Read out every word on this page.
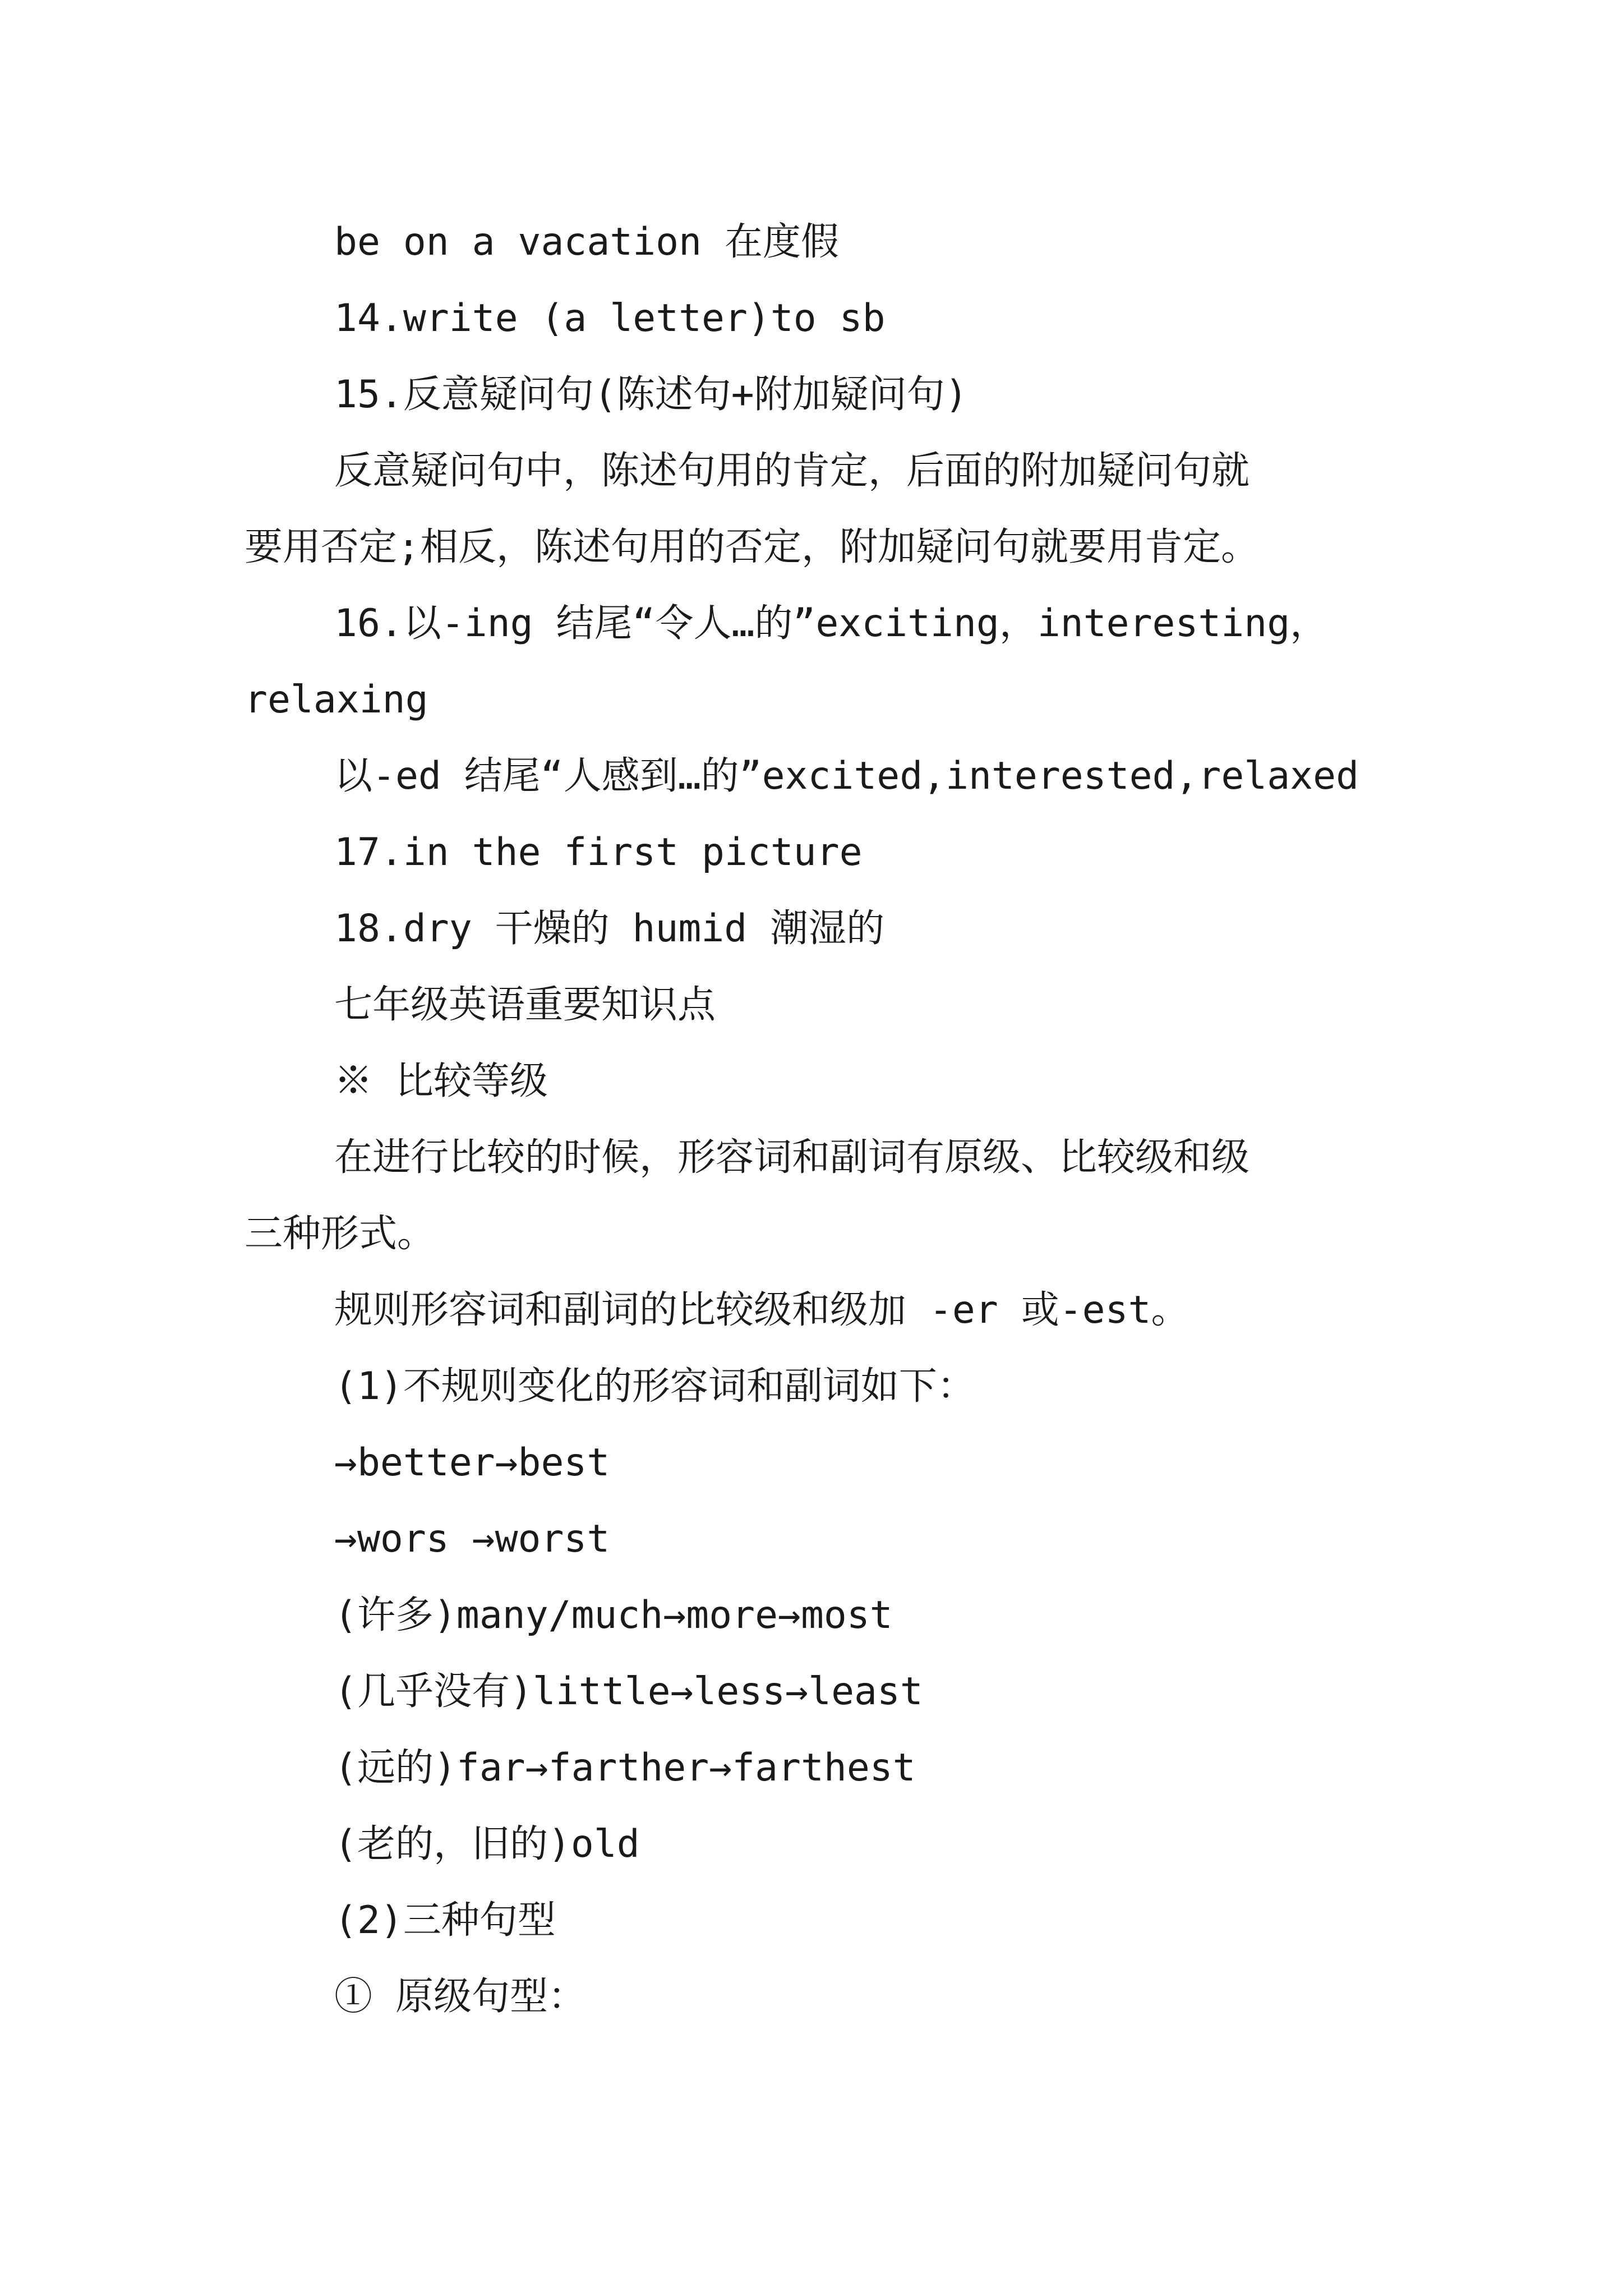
be on a vacation 在度假
14.write (a letter)to sb
15.反意疑问句(陈述句+附加疑问句)
反意疑问句中，陈述句用的肯定，后面的附加疑问句就
要用否定;相反，陈述句用的否定，附加疑问句就要用肯定。
16.以-ing 结尾“令人…的”exciting，interesting，
relaxing
以-ed 结尾“人感到…的”excited,interested,relaxed
17.in the first picture
18.dry 干燥的 humid 潮湿的
七年级英语重要知识点
※ 比较等级
在进行比较的时候，形容词和副词有原级、比较级和级
三种形式。
规则形容词和副词的比较级和级加 -er 或-est。
(1)不规则变化的形容词和副词如下：
→better→best
→wors →worst
(许多)many/much→more→most
(几乎没有)little→less→least
(远的)far→farther→farthest
(老的，旧的)old
(2)三种句型
① 原级句型：
